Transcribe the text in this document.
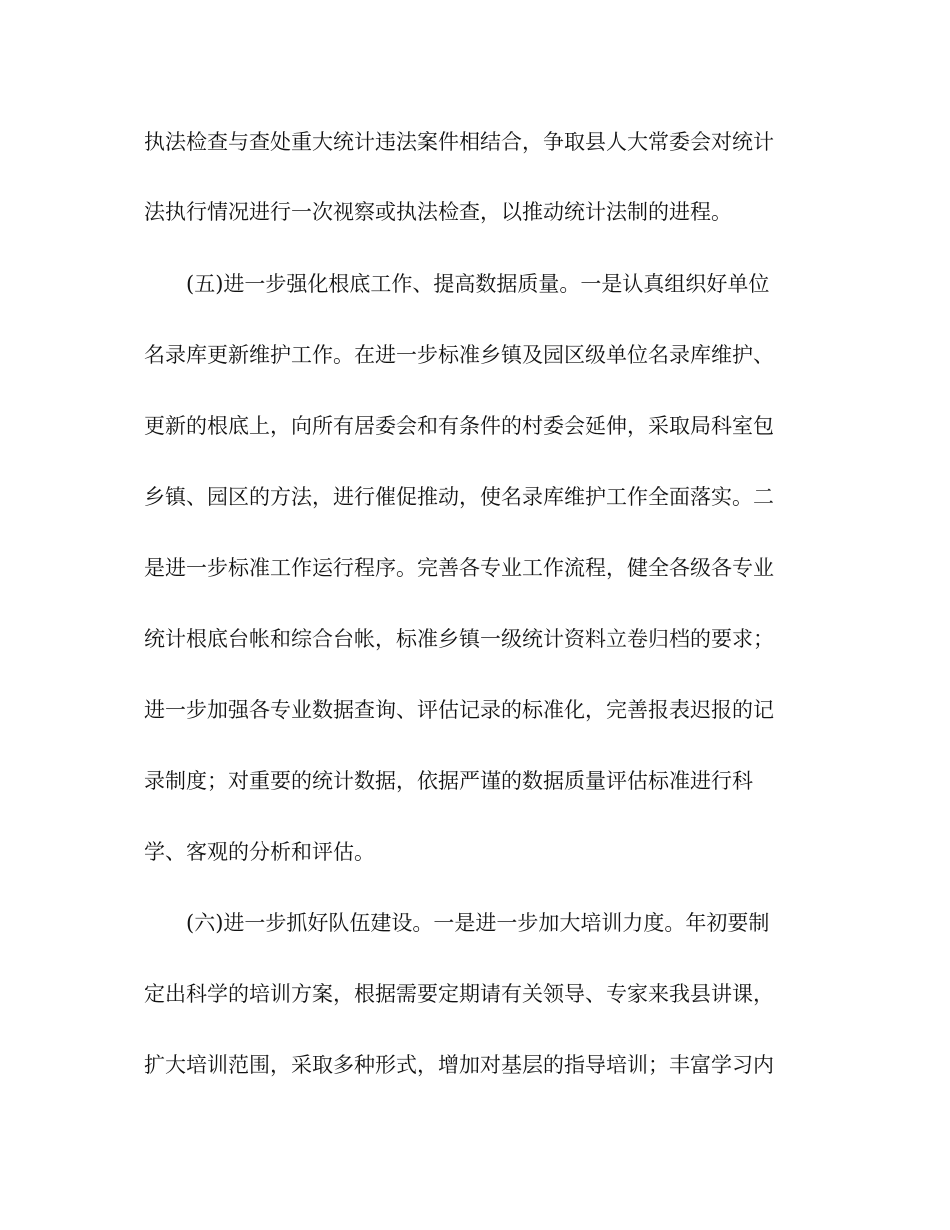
执法检查与查处重大统计违法案件相结合，争取县人大常委会对统计
法执行情况进行一次视察或执法检查，以推动统计法制的进程。
(五)进一步强化根底工作、提高数据质量。一是认真组织好单位
名录库更新维护工作。在进一步标准乡镇及园区级单位名录库维护、
更新的根底上，向所有居委会和有条件的村委会延伸，采取局科室包
乡镇、园区的方法，进行催促推动，使名录库维护工作全面落实。二
是进一步标准工作运行程序。完善各专业工作流程，健全各级各专业
统计根底台帐和综合台帐，标准乡镇一级统计资料立卷归档的要求；
进一步加强各专业数据查询、评估记录的标准化，完善报表迟报的记
录制度；对重要的统计数据，依据严谨的数据质量评估标准进行科
学、客观的分析和评估。
(六)进一步抓好队伍建设。一是进一步加大培训力度。年初要制
定出科学的培训方案，根据需要定期请有关领导、专家来我县讲课，
扩大培训范围，采取多种形式，增加对基层的指导培训；丰富学习内
